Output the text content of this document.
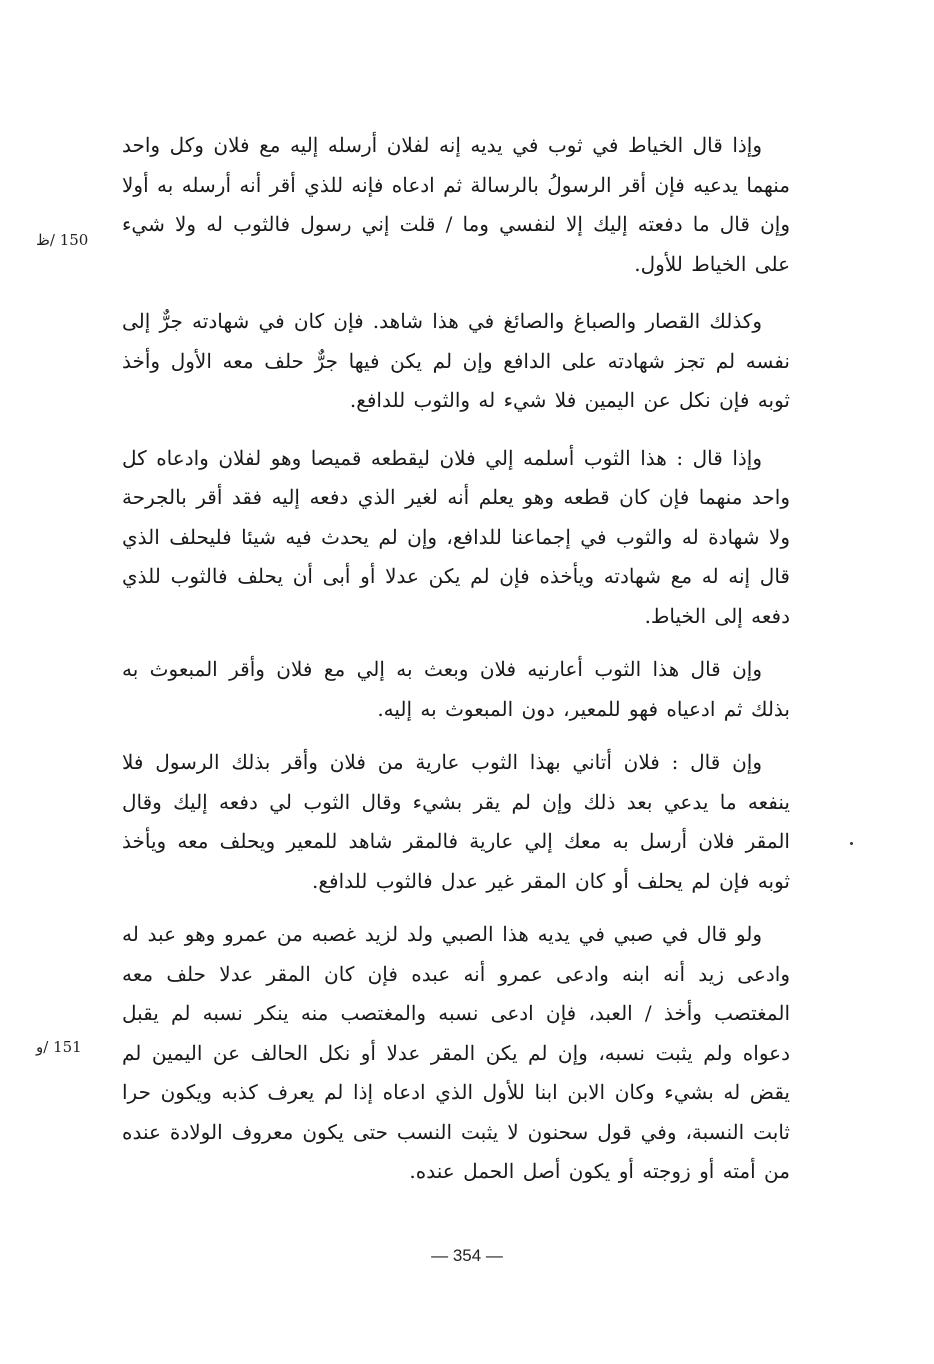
وإذا قال الخياط في ثوب في يديه إنه لفلان أرسله إليه مع فلان وكل واحد منهما يدعيه فإن أقر الرسولُ بالرسالة ثم ادعاه فإنه للذي أقر أنه أرسله به أولا وإن قال ما دفعته إليك إلا لنفسي وما / قلت إني رسول فالثوب له ولا شيء على الخياط للأول.

وكذلك القصار والصباغ والصائغ في هذا شاهد. فإن كان في شهادته جرٌّ إلى نفسه لم تجز شهادته على الدافع وإن لم يكن فيها جرٌّ حلف معه الأول وأخذ ثوبه فإن نكل عن اليمين فلا شيء له والثوب للدافع.

وإذا قال : هذا الثوب أسلمه إلي فلان ليقطعه قميصا وهو لفلان وادعاه كل واحد منهما فإن كان قطعه وهو يعلم أنه لغير الذي دفعه إليه فقد أقر بالجرحة ولا شهادة له والثوب في إجماعنا للدافع، وإن لم يحدث فيه شيئا فليحلف الذي قال إنه له مع شهادته ويأخذه فإن لم يكن عدلا أو أبى أن يحلف فالثوب للذي دفعه إلى الخياط.

وإن قال هذا الثوب أعارنيه فلان وبعث به إلي مع فلان وأقر المبعوث به بذلك ثم ادعياه فهو للمعير، دون المبعوث به إليه.

وإن قال : فلان أتاني بهذا الثوب عارية من فلان وأقر بذلك الرسول فلا ينفعه ما يدعي بعد ذلك وإن لم يقر بشيء وقال الثوب لي دفعه إليك وقال المقر فلان أرسل به معك إلي عارية فالمقر شاهد للمعير ويحلف معه ويأخذ ثوبه فإن لم يحلف أو كان المقر غير عدل فالثوب للدافع.

ولو قال في صبي في يديه هذا الصبي ولد لزيد غصبه من عمرو وهو عبد له وادعى زيد أنه ابنه وادعى عمرو أنه عبده فإن كان المقر عدلا حلف معه المغتصب وأخذ / العبد، فإن ادعى نسبه والمغتصب منه ينكر نسبه لم يقبل دعواه ولم يثبت نسبه، وإن لم يكن المقر عدلا أو نكل الحالف عن اليمين لم يقض له بشيء وكان الابن ابنا للأول الذي ادعاه إذا لم يعرف كذبه ويكون حرا ثابت النسبة، وفي قول سحنون لا يثبت النسب حتى يكون معروف الولادة عنده من أمته أو زوجته أو يكون أصل الحمل عنده.

150 /ظ
151 /و
— 354 —
